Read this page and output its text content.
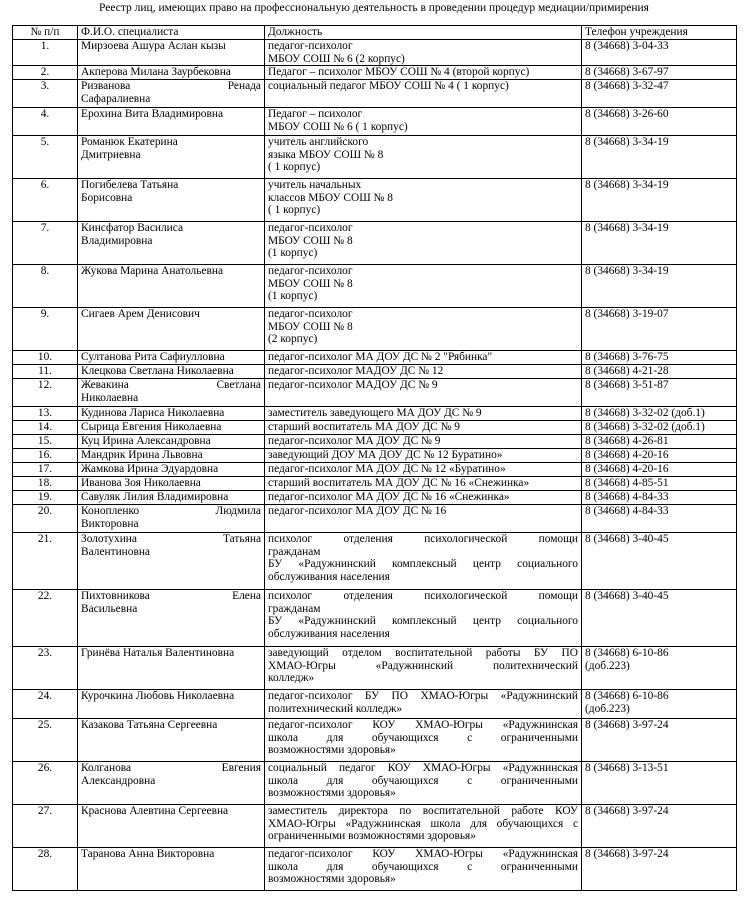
Реестр лиц, имеющих право на профессиональную деятельность в проведении процедур медиации/примирения
№ п/п	Ф.И.О. специалиста	Должность	Телефон учреждения
1.	Мирзоева Ашура Аслан кызы	педагог-психолог
МБОУ СОШ № 6 (2 корпус)	8 (34668) 3-04-33

2.	Акперова Милана Заурбековна	Педагог – психолог МБОУ СОШ № 4 (второй корпус)	8 (34668) 3-67-97

3.	Ризванова Ренада
Сафаралиевна	социальный педагог МБОУ СОШ № 4 ( 1 корпус)	8 (34668) 3-32-47

4.	Ерохина Вита Владимировна	Педагог – психолог
МБОУ СОШ № 6 ( 1 корпус)	8 (34668) 3-26-60

5.	Романюк Екатерина
Дмитриевна	учитель английского
языка МБОУ СОШ № 8
( 1 корпус)	8 (34668) 3-34-19

6.	Погибелева Татьяна
Борисовна	учитель начальных
классов МБОУ СОШ № 8
( 1 корпус)	8 (34668) 3-34-19

7.	Кинсфатор Василиса
Владимировна	педагог-психолог
МБОУ СОШ № 8
(1 корпус)	8 (34668) 3-34-19

8.	Жукова Марина Анатольевна	педагог-психолог
МБОУ СОШ № 8
(1 корпус)	8 (34668) 3-34-19

9.	Сигаев Арем Денисович	педагог-психолог
МБОУ СОШ № 8
(2 корпус)	8 (34668) 3-19-07

10.	Султанова Рита Сафиулловна	педагог-психолог МА ДОУ ДС № 2 "Рябинка"	8 (34668) 3-76-75

11.	Клецкова Светлана Николаевна	педагог-психолог МАДОУ ДС № 12	8 (34668) 4-21-28

12.	Жевакина Светлана
Николаевна	педагог-психолог МАДОУ ДС № 9	8 (34668) 3-51-87

13.	Кудинова Лариса Николаевна	заместитель заведующего МА ДОУ ДС № 9	8 (34668) 3-32-02 (доб.1)

14.	Сырица Евгения Николаевна	старший воспитатель МА ДОУ ДС № 9	8 (34668) 3-32-02 (доб.1)

15.	Куц Ирина Александровна	педагог-психолог МА ДОУ ДС № 9	8 (34668) 4-26-81

16.	Мандрик Ирина Львовна	заведующий ДОУ МА ДОУ ДС № 12 Буратино»	8 (34668) 4-20-16

17.	Жамкова Ирина Эдуардовна	педагог-психолог МА ДОУ ДС № 12 «Буратино»	8 (34668) 4-20-16

18.	Иванова Зоя Николаевна	старший воспитатель МА ДОУ ДС № 16 «Снежинка»	8 (34668) 4-85-51

19.	Савуляк Лилия Владимировна	педагог-психолог МА ДОУ ДС № 16 «Снежинка»	8 (34668) 4-84-33

20.	Конопленко Людмила
Викторовна	педагог-психолог МА ДОУ ДС № 16	8 (34668) 4-84-33

21.	Золотухина Татьяна
Валентиновна	психолог отделения психологической помощи
гражданам
БУ «Радужнинский комплексный центр социального
обслуживания населения	8 (34668) 3-40-45

22.	Пихтовникова Елена
Васильевна	психолог отделения психологической помощи
гражданам
БУ «Радужнинский комплексный центр социального
обслуживания населения	8 (34668) 3-40-45

23.	Гринёва Наталья Валентиновна	заведующий отделом воспитательной работы БУ ПО
ХМАО-Югры «Радужнинский политехнический
колледж»	8 (34668) 6-10-86
(доб.223)

24.	Курочкина Любовь Николаевна	педагог-психолог БУ ПО ХМАО-Югры «Радужнинский
политехнический колледж»	8 (34668) 6-10-86
(доб.223)

25.	Казакова Татьяна Сергеевна	педагог-психолог КОУ ХМАО-Югры «Радужнинская
школа для обучающихся с ограниченными
возможностями здоровья»	8 (34668) 3-97-24

26.	Колганова Евгения
Александровна	социальный педагог КОУ ХМАО-Югры «Радужнинская
школа для обучающихся с ограниченными
возможностями здоровья»	8 (34668) 3-13-51

27.	Краснова Алевтина Сергеевна	заместитель директора по воспитательной работе КОУ
ХМАО-Югры «Радужнинская школа для обучающихся с
ограниченными возможностями здоровья»	8 (34668) 3-97-24

28.	Таранова Анна Викторовна	педагог-психолог КОУ ХМАО-Югры «Радужнинская
школа для обучающихся с ограниченными
возможностями здоровья»	8 (34668) 3-97-24
